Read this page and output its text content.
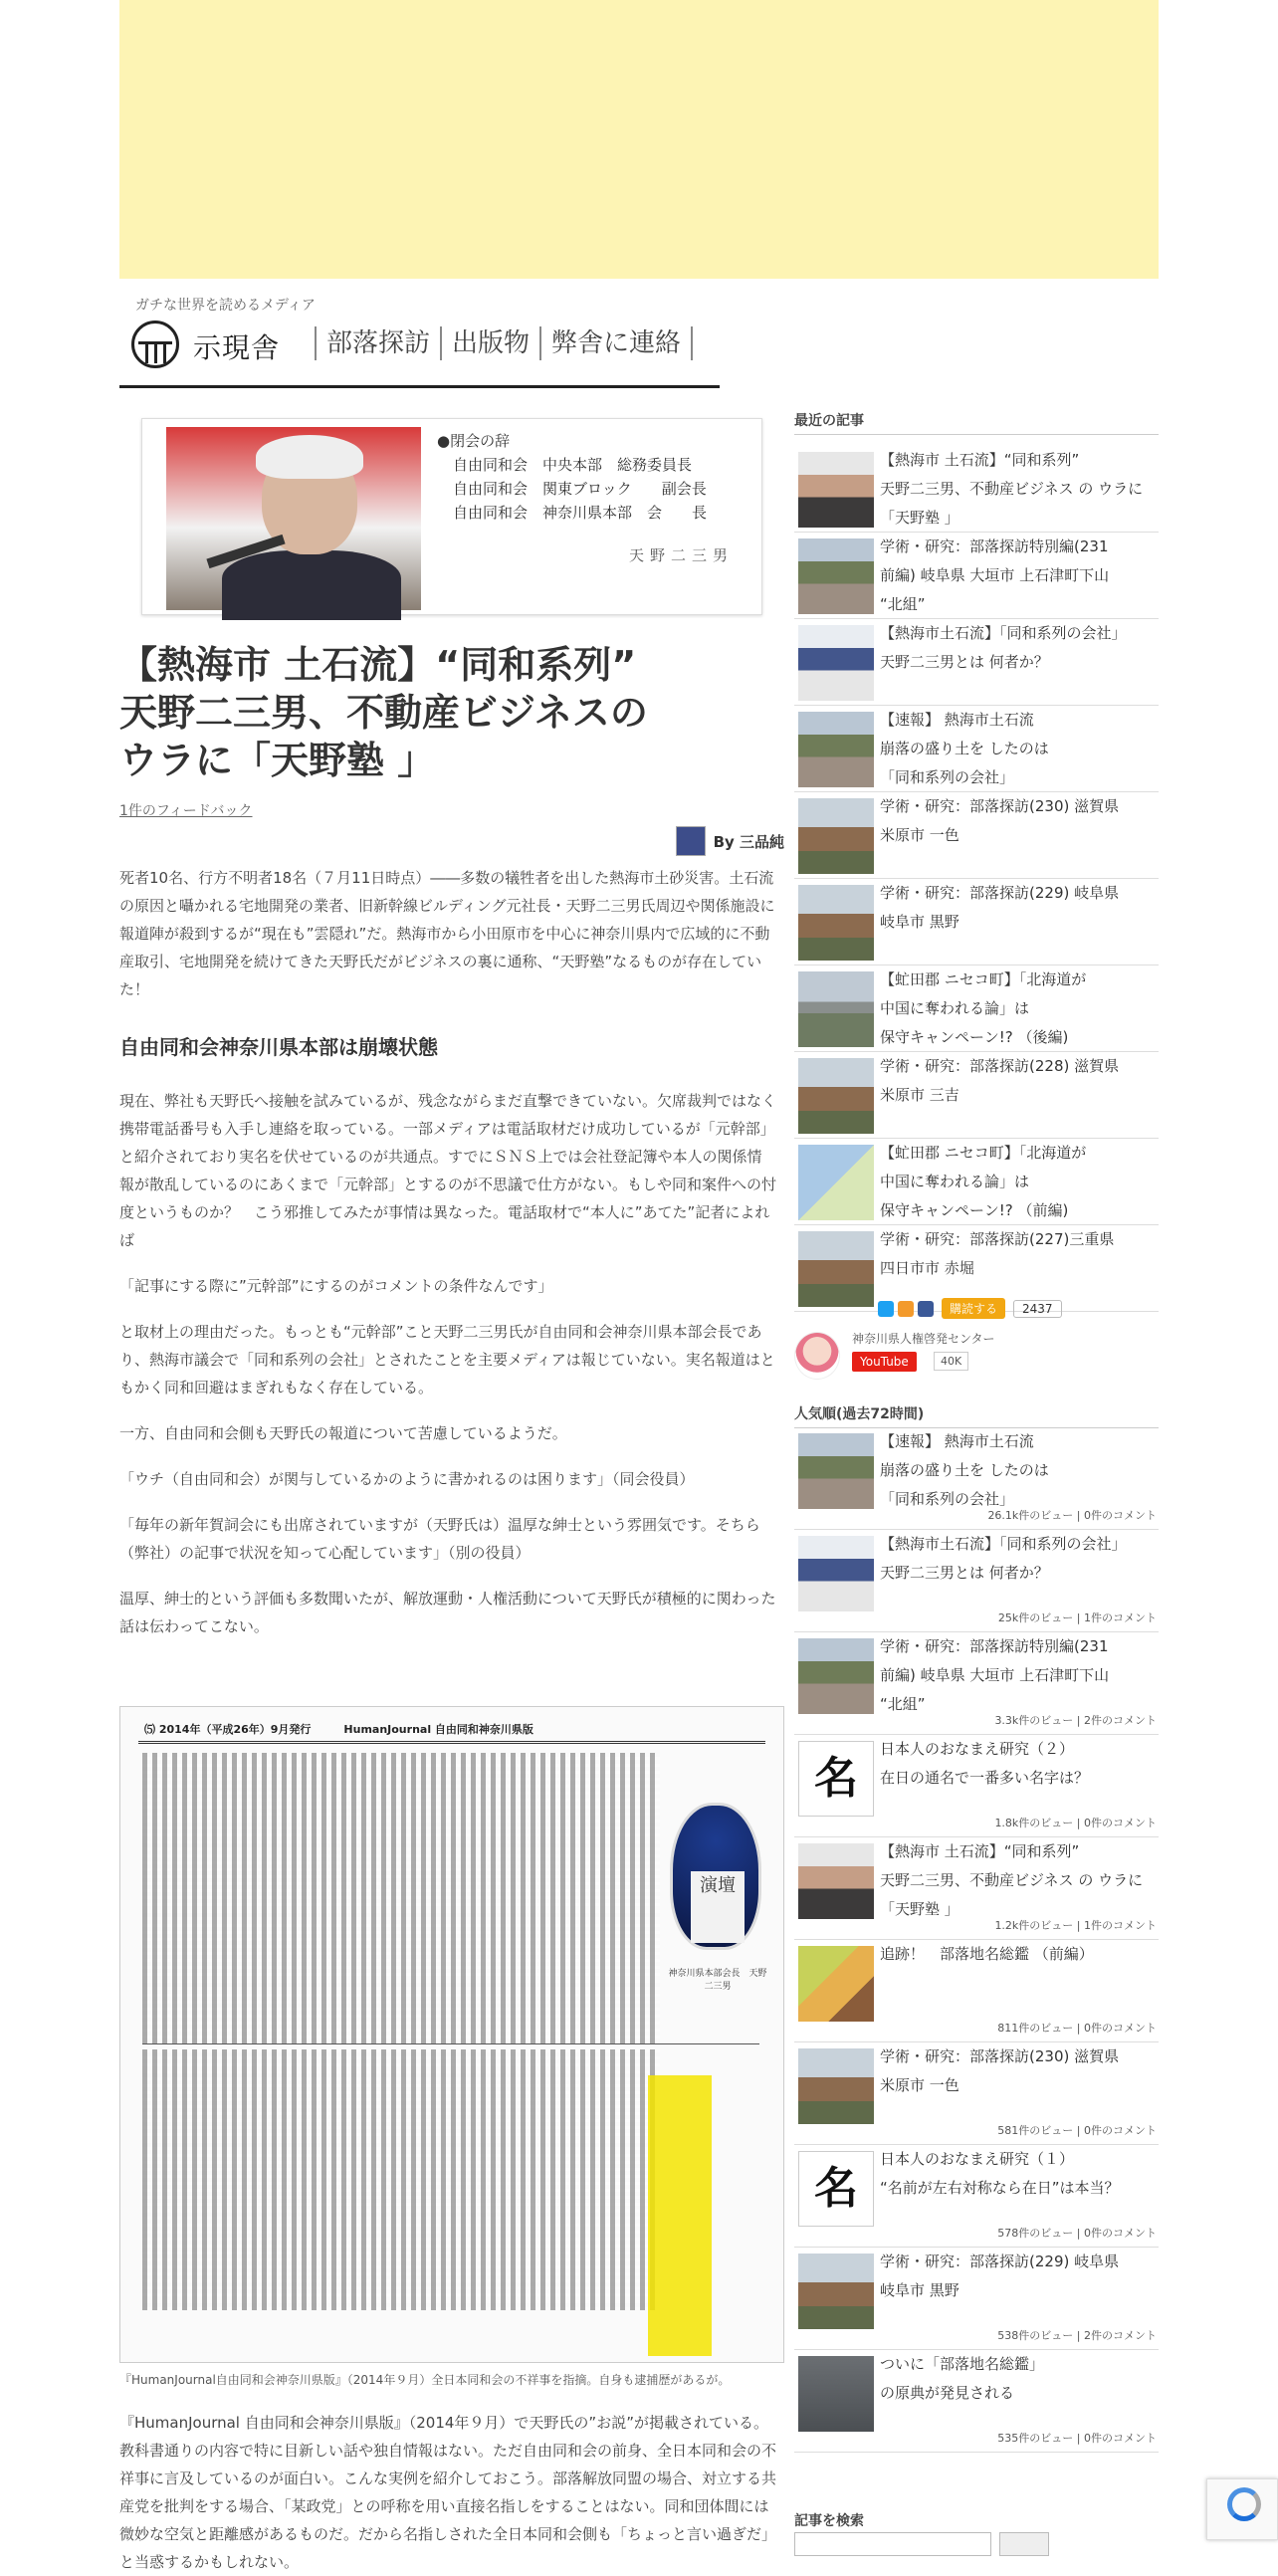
ガチな世界を読めるメディア
示現舎	部落探訪 出版物 弊舎に連絡
●閉会の辞
自由同和会　中央本部　総務委員長
自由同和会　関東ブロック　　副会長
自由同和会　神奈川県本部　会　　長
天野二三男
【熱海市 土石流】“同和系列”
天野二三男、不動産ビジネスの
ウラに「天野塾 」
1件のフィードバック
By 三品純

死者10名、行方不明者18名（７月11日時点）――多数の犠牲者を出した熱海市土砂災害。土石流の原因と囁かれる宅地開発の業者、旧新幹線ビルディング元社長・天野二三男氏周辺や関係施設に報道陣が殺到するが“現在も”雲隠れ”だ。熱海市から小田原市を中心に神奈川県内で広域的に不動産取引、宅地開発を続けてきた天野氏だがビジネスの裏に通称、“天野塾”なるものが存在していた！

自由同和会神奈川県本部は崩壊状態

現在、弊社も天野氏へ接触を試みているが、残念ながらまだ直撃できていない。欠席裁判ではなく携帯電話番号も入手し連絡を取っている。一部メディアは電話取材だけ成功しているが「元幹部」と紹介されており実名を伏せているのが共通点。すでにＳＮＳ上では会社登記簿や本人の関係情報が散乱しているのにあくまで「元幹部」とするのが不思議で仕方がない。もしや同和案件への忖度というものか？　こう邪推してみたが事情は異なった。電話取材で“本人に”あてた”記者によれば

「記事にする際に”元幹部”にするのがコメントの条件なんです」

と取材上の理由だった。もっとも“元幹部”こと天野二三男氏が自由同和会神奈川県本部会長であり、熱海市議会で「同和系列の会社」とされたことを主要メディアは報じていない。実名報道はともかく同和回避はまぎれもなく存在している。

一方、自由同和会側も天野氏の報道について苦慮しているようだ。

「ウチ（自由同和会）が関与しているかのように書かれるのは困ります」（同会役員）

「毎年の新年賀詞会にも出席されていますが（天野氏は）温厚な紳士という雰囲気です。そちら（弊社）の記事で状況を知って心配しています」（別の役員）

温厚、紳士的という評価も多数聞いたが、解放運動・人権活動について天野氏が積極的に関わった話は伝わってこない。

⑸ 2014年（平成26年）9月発行　　　HumanJournal 自由同和神奈川県版
演壇
神奈川県本部会長　天野　二三男
『HumanJournal自由同和会神奈川県版』（2014年９月）全日本同和会の不祥事を指摘。自身も逮捕歴があるが。

『HumanJournal 自由同和会神奈川県版』（2014年９月）で天野氏の”お説”が掲載されている。教科書通りの内容で特に目新しい話や独自情報はない。ただ自由同和会の前身、全日本同和会の不祥事に言及しているのが面白い。こんな実例を紹介しておこう。部落解放同盟の場合、対立する共産党を批判をする場合、「某政党」との呼称を用い直接名指しをすることはない。同和団体間には微妙な空気と距離感があるものだ。だから名指しされた全日本同和会側も「ちょっと言い過ぎだ」と当惑するかもしれない。

最近の記事
【熱海市 土石流】“同和系列”
天野二三男、不動産ビジネス の ウラに
「天野塾 」
学術・研究：部落探訪特別編(231
前編) 岐阜県 大垣市 上石津町下山
“北組”
【熱海市土石流】「同和系列の会社」
天野二三男とは 何者か？
【速報】 熱海市土石流
崩落の盛り土を したのは
「同和系列の会社」
学術・研究：部落探訪(230) 滋賀県
米原市 一色
学術・研究：部落探訪(229) 岐阜県
岐阜市 黒野
【虻田郡 ニセコ町】「北海道が
中国に奪われる論」は
保守キャンペーン!? （後編)
学術・研究：部落探訪(228) 滋賀県
米原市 三吉
【虻田郡 ニセコ町】「北海道が
中国に奪われる論」は
保守キャンペーン!? （前編)
学術・研究：部落探訪(227)三重県
四日市市 赤堀
購読する	2437
神奈川県人権啓発センター
YouTube	40K
人気順(過去72時間)
【速報】 熱海市土石流
崩落の盛り土を したのは
「同和系列の会社」
26.1k件のビュー | 0件のコメント
【熱海市土石流】「同和系列の会社」
天野二三男とは 何者か？
25k件のビュー | 1件のコメント
学術・研究：部落探訪特別編(231
前編) 岐阜県 大垣市 上石津町下山
“北組”
3.3k件のビュー | 2件のコメント
名
日本人のおなまえ研究（２）
在日の通名で一番多い名字は？
1.8k件のビュー | 0件のコメント
【熱海市 土石流】“同和系列”
天野二三男、不動産ビジネス の ウラに
「天野塾 」
1.2k件のビュー | 1件のコメント
追跡！　部落地名総鑑 （前編）
811件のビュー | 0件のコメント
学術・研究：部落探訪(230) 滋賀県
米原市 一色
581件のビュー | 0件のコメント
名
日本人のおなまえ研究（１）
“名前が左右対称なら在日”は本当？
578件のビュー | 0件のコメント
学術・研究：部落探訪(229) 岐阜県
岐阜市 黒野
538件のビュー | 2件のコメント
ついに「部落地名総鑑」
の原典が発見される
535件のビュー | 0件のコメント
記事を検索
